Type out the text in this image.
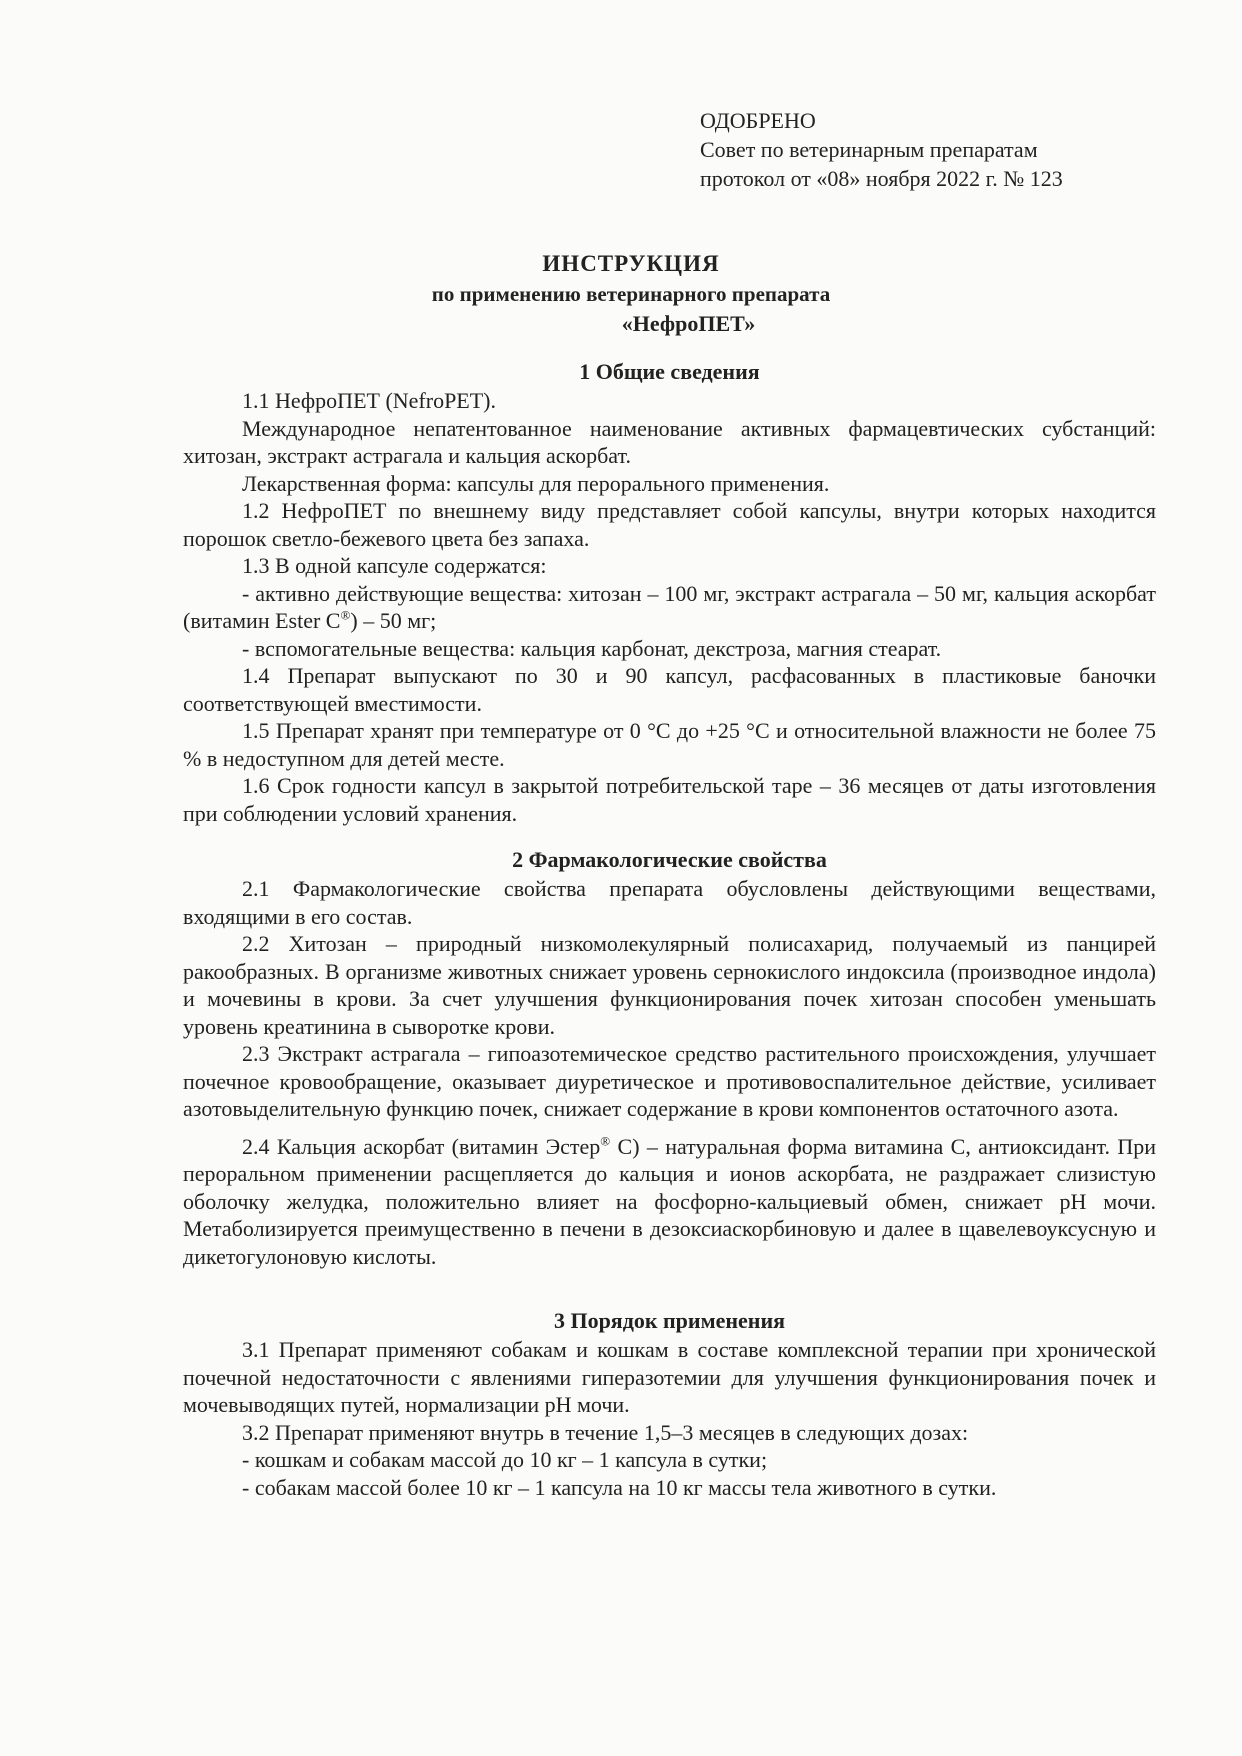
ОДОБРЕНО
Совет по ветеринарным препаратам
протокол от «08» ноября 2022 г. № 123
ИНСТРУКЦИЯ
по применению ветеринарного препарата
«НефроПЕТ»
1 Общие сведения

1.1 НефроПЕТ (NefroPET).

Международное непатентованное наименование активных фармацевтических субстанций: хитозан, экстракт астрагала и кальция аскорбат.

Лекарственная форма: капсулы для перорального применения.

1.2 НефроПЕТ по внешнему виду представляет собой капсулы, внутри которых находится порошок светло-бежевого цвета без запаха.

1.3 В одной капсуле содержатся:

- активно действующие вещества: хитозан – 100 мг, экстракт астрагала – 50 мг, кальция аскорбат (витамин Ester C®) – 50 мг;

- вспомогательные вещества: кальция карбонат, декстроза, магния стеарат.

1.4 Препарат выпускают по 30 и 90 капсул, расфасованных в пластиковые баночки соответствующей вместимости.

1.5 Препарат хранят при температуре от 0 °С до +25 °С и относительной влажности не более 75 % в недоступном для детей месте.

1.6 Срок годности капсул в закрытой потребительской таре – 36 месяцев от даты изготовления при соблюдении условий хранения.

2 Фармакологические свойства

2.1 Фармакологические свойства препарата обусловлены действующими веществами, входящими в его состав.

2.2 Хитозан – природный низкомолекулярный полисахарид, получаемый из панцирей ракообразных. В организме животных снижает уровень сернокислого индоксила (производное индола) и мочевины в крови. За счет улучшения функционирования почек хитозан способен уменьшать уровень креатинина в сыворотке крови.

2.3 Экстракт астрагала – гипоазотемическое средство растительного происхождения, улучшает почечное кровообращение, оказывает диуретическое и противовоспалительное действие, усиливает азотовыделительную функцию почек, снижает содержание в крови компонентов остаточного азота.

2.4 Кальция аскорбат (витамин Эстер® С) – натуральная форма витамина С, антиоксидант. При пероральном применении расщепляется до кальция и ионов аскорбата, не раздражает слизистую оболочку желудка, положительно влияет на фосфорно-кальциевый обмен, снижает pH мочи. Метаболизируется преимущественно в печени в дезоксиаскорбиновую и далее в щавелевоуксусную и дикетогулоновую кислоты.

3 Порядок применения

3.1 Препарат применяют собакам и кошкам в составе комплексной терапии при хронической почечной недостаточности с явлениями гиперазотемии для улучшения функционирования почек и мочевыводящих путей, нормализации pH мочи.

3.2 Препарат применяют внутрь в течение 1,5–3 месяцев в следующих дозах:

- кошкам и собакам массой до 10 кг – 1 капсула в сутки;

- собакам массой более 10 кг – 1 капсула на 10 кг массы тела животного в сутки.
